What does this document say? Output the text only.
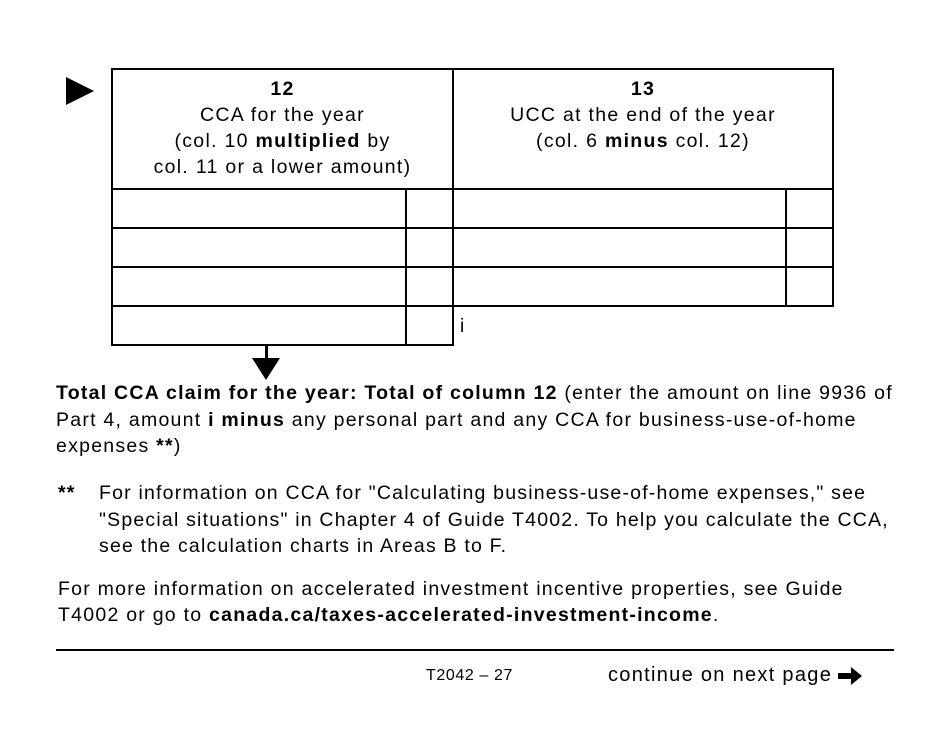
12
CCA for the year
(col. 10 multiplied by
col. 11 or a lower amount)
13
UCC at the end of the year
(col. 6 minus col. 12)
i
Total CCA claim for the year: Total of column 12 (enter the amount on line 9936 of Part 4, amount i minus any personal part and any CCA for business-use-of-home expenses **)
** For information on CCA for "Calculating business-use-of-home expenses," see "Special situations" in Chapter 4 of Guide T4002. To help you calculate the CCA, see the calculation charts in Areas B to F.
For more information on accelerated investment incentive properties, see Guide T4002 or go to canada.ca/taxes-accelerated-investment-income.
T2042 – 27	continue on next page
